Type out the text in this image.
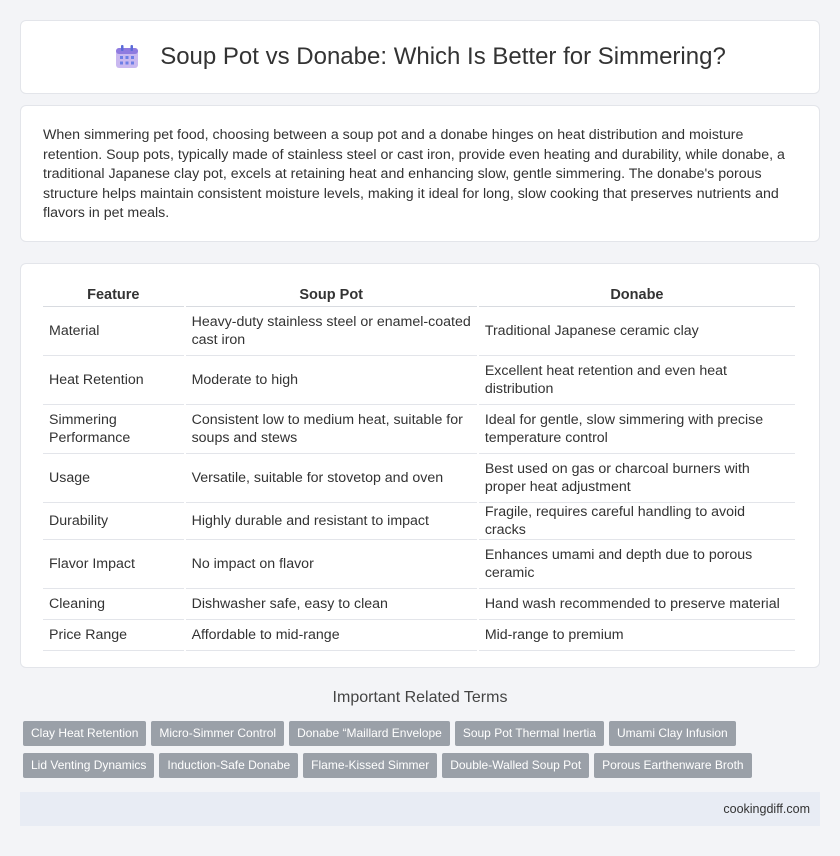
Soup Pot vs Donabe: Which Is Better for Simmering?

When simmering pet food, choosing between a soup pot and a donabe hinges on heat distribution and moisture retention. Soup pots, typically made of stainless steel or cast iron, provide even heating and durability, while donabe, a traditional Japanese clay pot, excels at retaining heat and enhancing slow, gentle simmering. The donabe's porous structure helps maintain consistent moisture levels, making it ideal for long, slow cooking that preserves nutrients and flavors in pet meals.

Feature	Soup Pot	Donabe
Material	Heavy-duty stainless steel or enamel-coated cast iron	Traditional Japanese ceramic clay
Heat Retention	Moderate to high	Excellent heat retention and even heat distribution
Simmering Performance	Consistent low to medium heat, suitable for soups and stews	Ideal for gentle, slow simmering with precise temperature control
Usage	Versatile, suitable for stovetop and oven	Best used on gas or charcoal burners with proper heat adjustment
Durability	Highly durable and resistant to impact	Fragile, requires careful handling to avoid cracks
Flavor Impact	No impact on flavor	Enhances umami and depth due to porous ceramic
Cleaning	Dishwasher safe, easy to clean	Hand wash recommended to preserve material
Price Range	Affordable to mid-range	Mid-range to premium
Important Related Terms
Clay Heat Retention Micro-Simmer Control Donabe “Maillard Envelope Soup Pot Thermal Inertia Umami Clay Infusion
Lid Venting Dynamics Induction-Safe Donabe Flame-Kissed Simmer Double-Walled Soup Pot Porous Earthenware Broth
cookingdiff.com
